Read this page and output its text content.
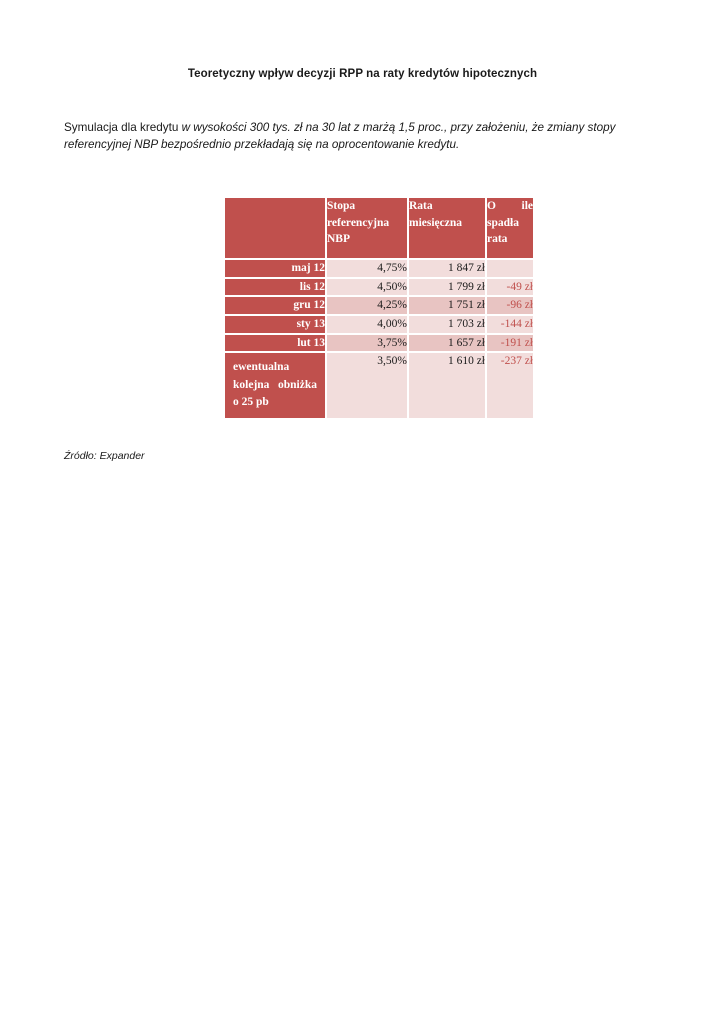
Teoretyczny wpływ decyzji RPP na raty kredytów hipotecznych
Symulacja dla kredytu w wysokości 300 tys. zł na 30 lat z marżą 1,5 proc., przy założeniu, że zmiany stopy referencyjnej NBP bezpośrednio przekładają się na oprocentowanie kredytu.
	Stopa
referencyjna
NBP	Rata
miesięczna	O ile
spadła
rata
maj 12	4,75%	1 847 zł	
lis 12	4,50%	1 799 zł	-49 zł
gru 12	4,25%	1 751 zł	-96 zł
sty 13	4,00%	1 703 zł	-144 zł
lut 13	3,75%	1 657 zł	-191 zł
ewentualna

kolejna obniżka
o 25 pb	3,50%	1 610 zł	-237 zł
Źródło: Expander
